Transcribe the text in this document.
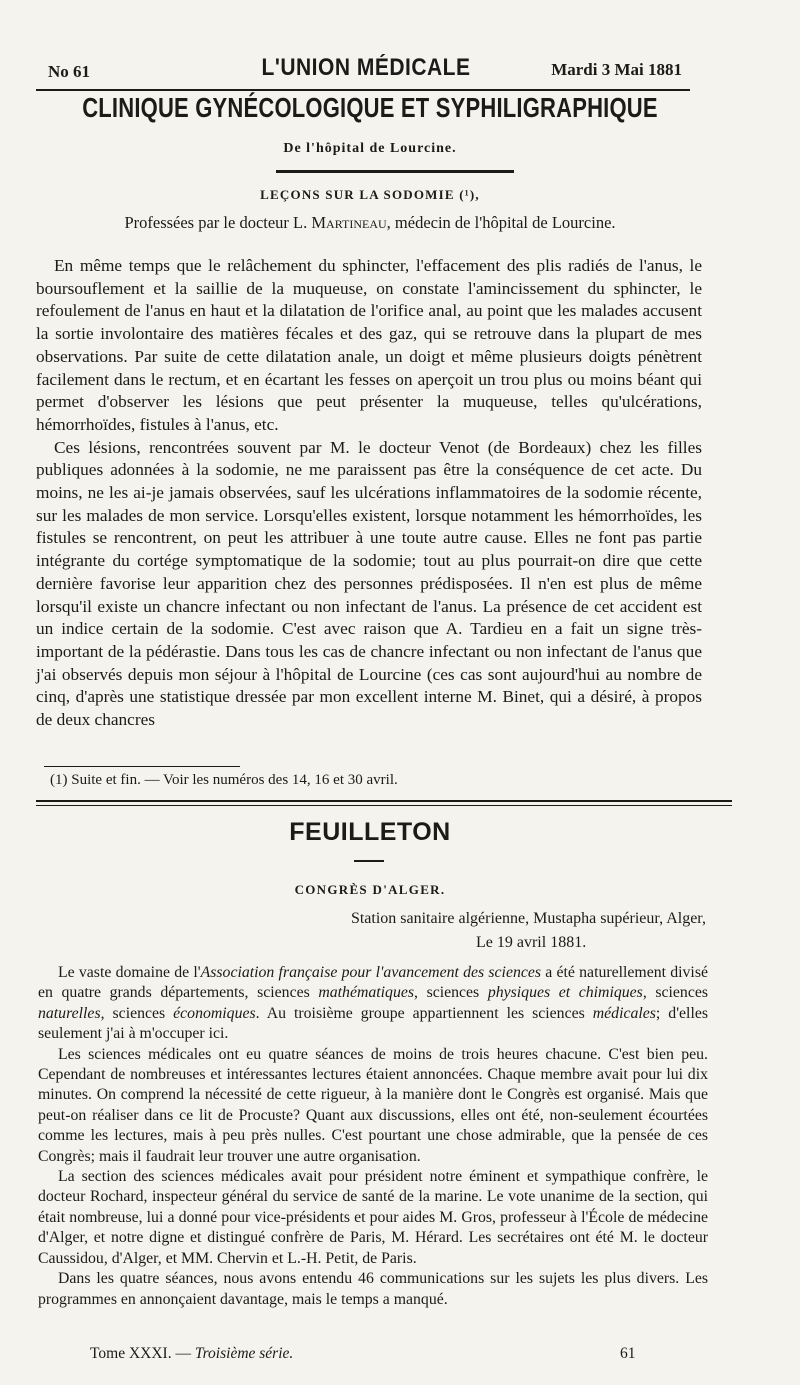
No 61	L'UNION MÉDICALE	Mardi 3 Mai 1881
CLINIQUE GYNÉCOLOGIQUE ET SYPHILIGRAPHIQUE
De l'hôpital de Lourcine.
LEÇONS SUR LA SODOMIE (¹),
Professées par le docteur L. Martineau, médecin de l'hôpital de Lourcine.

En même temps que le relâchement du sphincter, l'effacement des plis radiés de l'anus, le boursouflement et la saillie de la muqueuse, on constate l'amincissement du sphincter, le refoulement de l'anus en haut et la dilatation de l'orifice anal, au point que les malades accusent la sortie involontaire des matières fécales et des gaz, qui se retrouve dans la plupart de mes observations. Par suite de cette dilatation anale, un doigt et même plusieurs doigts pénètrent facilement dans le rectum, et en écartant les fesses on aperçoit un trou plus ou moins béant qui permet d'observer les lésions que peut présenter la muqueuse, telles qu'ulcérations, hémorrhoïdes, fistules à l'anus, etc.

Ces lésions, rencontrées souvent par M. le docteur Venot (de Bordeaux) chez les filles publiques adonnées à la sodomie, ne me paraissent pas être la conséquence de cet acte. Du moins, ne les ai-je jamais observées, sauf les ulcérations inflammatoires de la sodomie récente, sur les malades de mon service. Lorsqu'elles existent, lorsque notamment les hémorrhoïdes, les fistules se rencontrent, on peut les attribuer à une toute autre cause. Elles ne font pas partie intégrante du cortége symptomatique de la sodomie; tout au plus pourrait-on dire que cette dernière favorise leur apparition chez des personnes prédisposées. Il n'en est plus de même lorsqu'il existe un chancre infectant ou non infectant de l'anus. La présence de cet accident est un indice certain de la sodomie. C'est avec raison que A. Tardieu en a fait un signe très-important de la pédérastie. Dans tous les cas de chancre infectant ou non infectant de l'anus que j'ai observés depuis mon séjour à l'hôpital de Lourcine (ces cas sont aujourd'hui au nombre de cinq, d'après une statistique dressée par mon excellent interne M. Binet, qui a désiré, à propos de deux chancres

(1) Suite et fin. — Voir les numéros des 14, 16 et 30 avril.
FEUILLETON
CONGRÈS D'ALGER.
Station sanitaire algérienne, Mustapha supérieur, Alger,
Le 19 avril 1881.

Le vaste domaine de l'Association française pour l'avancement des sciences a été naturellement divisé en quatre grands départements, sciences mathématiques, sciences physiques et chimiques, sciences naturelles, sciences économiques. Au troisième groupe appartiennent les sciences médicales; d'elles seulement j'ai à m'occuper ici.

Les sciences médicales ont eu quatre séances de moins de trois heures chacune. C'est bien peu. Cependant de nombreuses et intéressantes lectures étaient annoncées. Chaque membre avait pour lui dix minutes. On comprend la nécessité de cette rigueur, à la manière dont le Congrès est organisé. Mais que peut-on réaliser dans ce lit de Procuste? Quant aux discussions, elles ont été, non-seulement écourtées comme les lectures, mais à peu près nulles. C'est pourtant une chose admirable, que la pensée de ces Congrès; mais il faudrait leur trouver une autre organisation.

La section des sciences médicales avait pour président notre éminent et sympathique confrère, le docteur Rochard, inspecteur général du service de santé de la marine. Le vote unanime de la section, qui était nombreuse, lui a donné pour vice-présidents et pour aides M. Gros, professeur à l'École de médecine d'Alger, et notre digne et distingué confrère de Paris, M. Hérard. Les secrétaires ont été M. le docteur Caussidou, d'Alger, et MM. Chervin et L.-H. Petit, de Paris.

Dans les quatre séances, nous avons entendu 46 communications sur les sujets les plus divers. Les programmes en annonçaient davantage, mais le temps a manqué.

Tome XXXI. — Troisième série.	61
